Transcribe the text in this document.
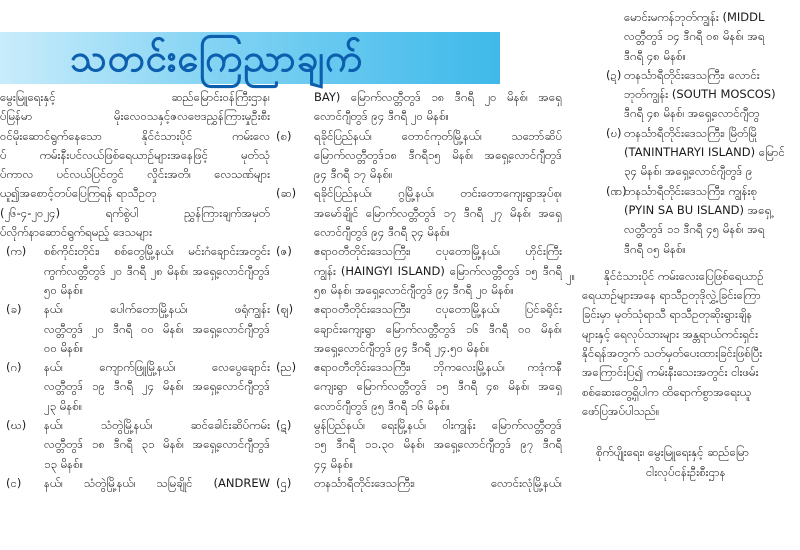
သတင်းကြေညာချက်
မွေးမြူရေးနှင့် ဆည်မြောင်းဝန်ကြီးဌာန၊
ပ်မြန်မာ မိုးလေဝသနှင့်ဇလဗေဒညွှန်ကြားမှုဦးစီး
ဝင်မိုးဆောင်ရွက်နေသော နိုင်ငံသားပိုင် ကမ်းလေ
ပ် ကမ်းနီးပင်လယ်ဖြစ်ရေယာဉ်များအနေဖြင့် မုတ်သုံ
ပ်ကာလ ပင်လယ်ပြင်တွင် လှိုင်းအတိ၊ လေသဏ်များ
ယူ၍အစောင့်တပ်ပြေကြရန် ရာသီဥတု
(၂၆-၄-၂၀၂၄) ရက်စွဲပါ ညွှန်ကြားချက်အမှတ်
ပ်လိုက်နာဆောင်ရွက်ရမည့် ဒေသများ
(က)	စစ်ကိုင်းတိုင်း၊ စစ်တွေမြို့နယ်၊ မင်းဂံချောင်းအတွင်း
ကွက်လတ္တီတွဒ် ၂၀ ဒီဂရီ ၂၈ မိနစ်၊ အရှေ့လောင်ဂျီတွဒ်
၅၀ မိနစ်။
(ခ)	နယ်၊ ပေါက်တောမြို့နယ်၊ ဖရုံကျွန်း
လတ္တီတွဒ် ၂၀ ဒီဂရီ ၀၀ မိနစ်၊ အရှေ့လောင်ဂျီတွဒ်
၀၀ မိနစ်။
(ဂ)	နယ်၊ ကျောက်ဖြူမြို့နယ်၊ လေပွေချောင်း
လတ္တီတွဒ် ၁၉ ဒီဂရီ ၂၄ မိနစ်၊ အရှေ့လောင်ဂျီတွဒ်
၂၃ မိနစ်။
(ဃ)	နယ်၊ သံတွဲမြို့နယ်၊ ဆင်ခေါင်းဆိပ်ကမ်း
လတ္တီတွဒ် ၁၈ ဒီဂရီ ၃၁ မိနစ်၊ အရှေ့လောင်ဂျီတွဒ်
၁၃ မိနစ်။
(င)	နယ်၊ သံတွဲမြို့နယ်၊ သမြချိုင် (ANDREW
BAY) မြောက်လတ္တီတွဒ် ၁၈ ဒီဂရီ ၂၀ မိနစ်၊ အရှေ့
လောင်ဂျီတွဒ် ၉၄ ဒီဂရီ ၂၀ မိနစ်။
(စ)	ရခိုင်ပြည်နယ်၊ တောင်ကုတ်မြို့နယ်၊ သဘော်ဆိပ်
မြောက်လတ္တီတွဒ်၁၈ ဒီဂရီ၁၅ မိနစ်၊ အရှေ့လောင်ဂျီတွဒ်
၉၄ ဒီဂရီ ၁၇ မိနစ်။
(ဆ)	ရခိုင်ပြည်နယ်၊ ဂွမြို့နယ်၊ တင်းတောကျေးရွာအုပ်စု၊
အမော်ချိုင် မြောက်လတ္တီတွဒ် ၁၇ ဒီဂရီ ၂၇ မိနစ်၊ အရှေ့
လောင်ဂျီတွဒ် ၉၄ ဒီဂရီ ၃၄ မိနစ်။
(ဇ)	ဧရာဝတီတိုင်းဒေသကြီး၊ ငပုတောမြို့နယ်၊ ဟိုင်းကြီး
ကျွန်း (HAINGYI ISLAND) မြောက်လတ္တီတွဒ် ၁၅ ဒီဂရီ
၅၈ မိနစ်၊ အရှေ့လောင်ဂျီတွဒ် ၉၄ ဒီဂရီ ၂၀ မိနစ်။
(ဈ)	ဧရာဝတီတိုင်းဒေသကြီး၊ ငပုတောမြို့နယ်၊ ပြင်ခရိုင်း
ချောင်းကျေးရွာ မြောက်လတ္တီတွဒ် ၁၆ ဒီဂရီ ၀၀ မိနစ်၊
အရှေ့လောင်ဂျီတွဒ် ၉၄ ဒီဂရီ ၂၄.၅၀ မိနစ်။
(ည)	ဧရာဝတီတိုင်းဒေသကြီး၊ ဘိုကလေးမြို့နယ်၊ ကဒုံကနီ
ကျေးရွာ မြောက်လတ္တီတွဒ် ၁၅ ဒီဂရီ ၄၈ မိနစ်၊ အရှေ့
လောင်ဂျီတွဒ် ၉၅ ဒီဂရီ ၁၆ မိနစ်။
(ဋ)	မွန်ပြည်နယ်၊ ရေးမြို့နယ်၊ ဝါးကျွန်း မြောက်လတ္တီတွဒ်
၁၅ ဒီဂရီ ၁၁.၃၀ မိနစ်၊ အရှေ့လောင်ဂျီတွဒ် ၉၇ ဒီဂရီ
၄၄ မိနစ်။
(ဌ)	တနင်္သာရီတိုင်းဒေသကြီး၊ လောင်းလုံမြို့နယ်၊
မောင်းမကန်ဘုတ်ကျွန်း (MIDDL
လတ္တီတွဒ် ၁၄ ဒီဂရီ ၀၈ မိနစ်၊ အရ
ဒီဂရီ ၄၈ မိနစ်။
(ဍ) တနင်္သာရီတိုင်းဒေသကြီး၊ လောင်း
ဘုတ်ကျွန်း (SOUTH MOSCOS)
ဒီဂရီ ၄၈ မိနစ်၊ အရှေ့လောင်ဂျီတွ
(ဎ) တနင်္သာရီတိုင်းဒေသကြီး၊ မြိတ်မြို
(TANINTHARYI ISLAND) မြောင်
၃၄ မိနစ်၊ အရှေ့လောင်ဂျီတွဒ် ၉
(ဏ)
တနင်္သာရီတိုင်းဒေသကြီး၊ ကျွန်းစု
(PYIN SA BU ISLAND) အရှေ့
လတ္တီတွဒ် ၁၁ ဒီဂရီ ၄၅ မိနစ်၊ အရ
ဒီဂရီ ၀၅ မိနစ်။
၂။	နိုင်ငံသားပိုင် ကမ်းလေးပြေဖြစ်ရေယာဉ်
ရေယာဉ်များအနေ ရာသီဥတုဒိုလွှဲ့ခြင်းကြော
ခြင်းမှာ မုတ်သုံရာသီ ရာသီဥတုဆိုးရွားချိန
များနှင့် ရေလုပ်သားများ အန္တရာယ်ကင်းရှင်း
နိုင်ရန်အတွက် သတ်မှတ်ပေးထားခြင်းဖြစ်ပြီး
အကြောင်းပြ၍ ကမ်းနီးသေးအတွင်း ငါးဖမ်း
စစ်ဆေးတွေ့ရှိပါက ထိရောက်စွာအရေးယူ
ဖော်ပြအပ်ပါသည်။
စိုက်ပျိုးရေး၊ မွေးမြူရေးနှင့် ဆည်မြော
ငါးလုပ်ငန်းဦးစီးဌာန
